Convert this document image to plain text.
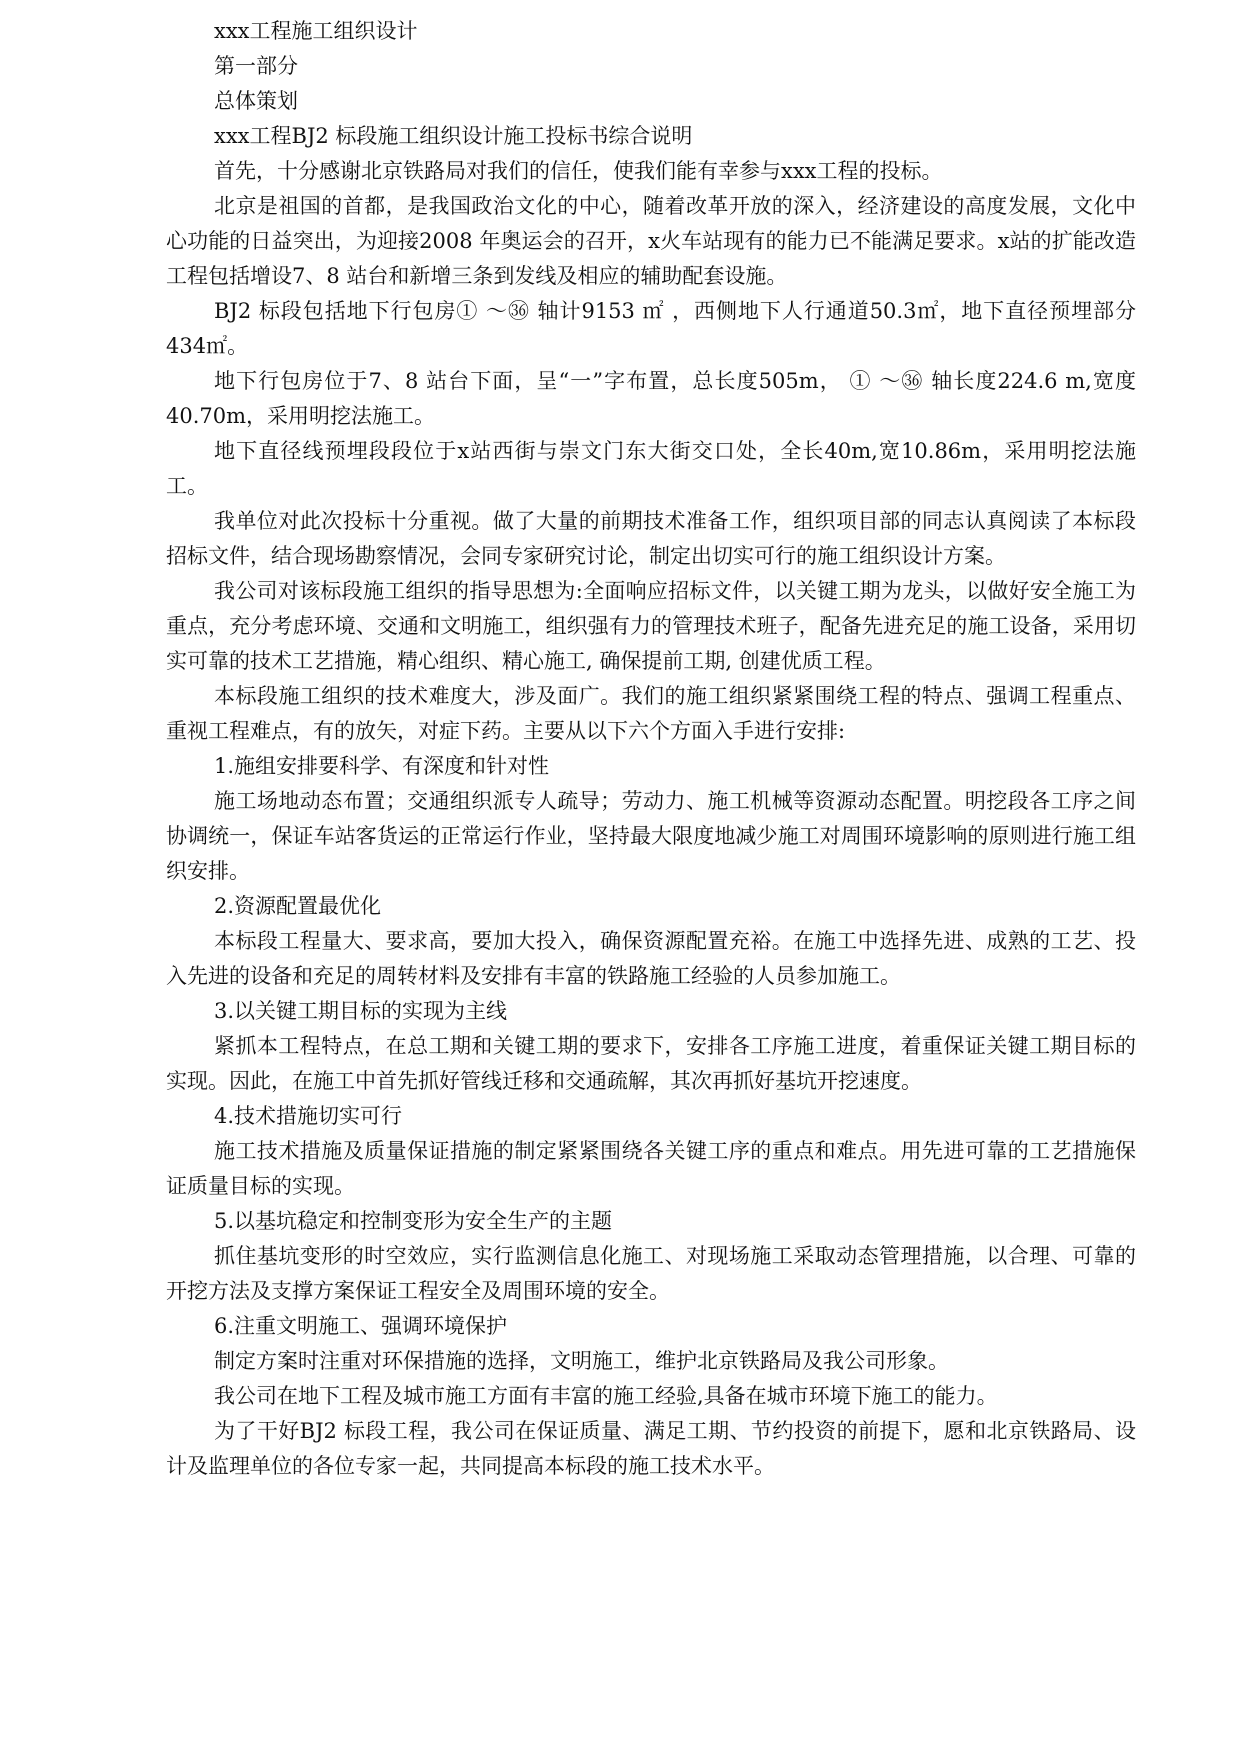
xxx工程施工组织设计

第一部分

总体策划

xxx工程BJ2 标段施工组织设计施工投标书综合说明

首先，十分感谢北京铁路局对我们的信任，使我们能有幸参与xxx工程的投标。

北京是祖国的首都，是我国政治文化的中心，随着改革开放的深入，经济建设的高度发展，文化中心功能的日益突出，为迎接2008 年奥运会的召开，x火车站现有的能力已不能满足要求。x站的扩能改造工程包括增设7、8 站台和新增三条到发线及相应的辅助配套设施。

BJ2 标段包括地下行包房① ～㊱ 轴计9153 ㎡ ，西侧地下人行通道50.3㎡，地下直径预埋部分434㎡。

地下行包房位于7、8 站台下面，呈“一”字布置，总长度505m， ① ～㊱ 轴长度224.6 m,宽度40.70m，采用明挖法施工。

地下直径线预埋段段位于x站西街与崇文门东大街交口处，全长40m,宽10.86m，采用明挖法施工。

我单位对此次投标十分重视。做了大量的前期技术准备工作，组织项目部的同志认真阅读了本标段招标文件，结合现场勘察情况，会同专家研究讨论，制定出切实可行的施工组织设计方案。

我公司对该标段施工组织的指导思想为:全面响应招标文件，以关键工期为龙头，以做好安全施工为重点，充分考虑环境、交通和文明施工，组织强有力的管理技术班子，配备先进充足的施工设备，采用切实可靠的技术工艺措施，精心组织、精心施工, 确保提前工期, 创建优质工程。

本标段施工组织的技术难度大，涉及面广。我们的施工组织紧紧围绕工程的特点、强调工程重点、重视工程难点，有的放矢，对症下药。主要从以下六个方面入手进行安排:

1.施组安排要科学、有深度和针对性

施工场地动态布置；交通组织派专人疏导；劳动力、施工机械等资源动态配置。明挖段各工序之间协调统一，保证车站客货运的正常运行作业，坚持最大限度地减少施工对周围环境影响的原则进行施工组织安排。

2.资源配置最优化

本标段工程量大、要求高，要加大投入，确保资源配置充裕。在施工中选择先进、成熟的工艺、投入先进的设备和充足的周转材料及安排有丰富的铁路施工经验的人员参加施工。

3.以关键工期目标的实现为主线

紧抓本工程特点，在总工期和关键工期的要求下，安排各工序施工进度，着重保证关键工期目标的实现。因此，在施工中首先抓好管线迁移和交通疏解，其次再抓好基坑开挖速度。

4.技术措施切实可行

施工技术措施及质量保证措施的制定紧紧围绕各关键工序的重点和难点。用先进可靠的工艺措施保证质量目标的实现。

5.以基坑稳定和控制变形为安全生产的主题

抓住基坑变形的时空效应，实行监测信息化施工、对现场施工采取动态管理措施，以合理、可靠的开挖方法及支撑方案保证工程安全及周围环境的安全。

6.注重文明施工、强调环境保护

制定方案时注重对环保措施的选择，文明施工，维护北京铁路局及我公司形象。

我公司在地下工程及城市施工方面有丰富的施工经验,具备在城市环境下施工的能力。

为了干好BJ2 标段工程，我公司在保证质量、满足工期、节约投资的前提下，愿和北京铁路局、设计及监理单位的各位专家一起，共同提高本标段的施工技术水平。
